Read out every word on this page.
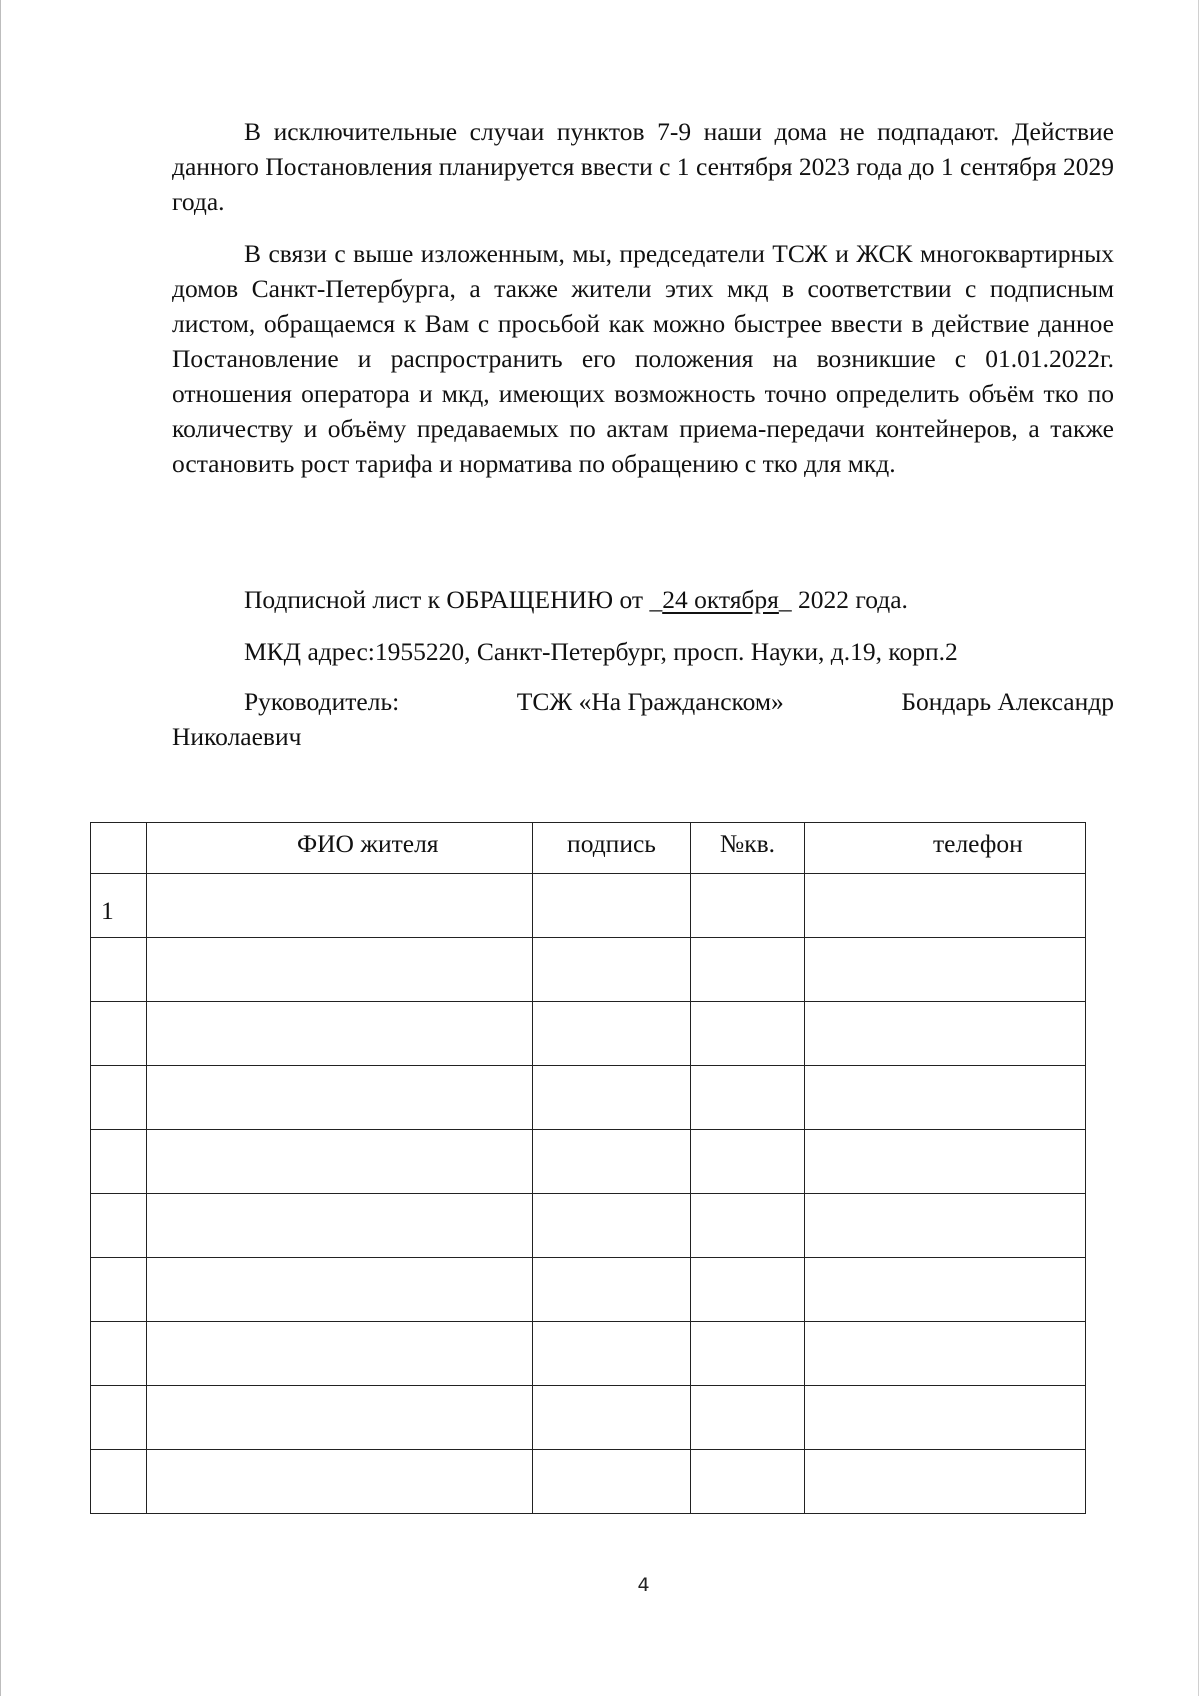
В исключительные случаи пунктов 7-9 наши дома не подпадают. Действие данного Постановления планируется ввести с 1 сентября 2023 года до 1 сентября 2029 года.

В связи с выше изложенным, мы, председатели ТСЖ и ЖСК многоквартирных домов Санкт-Петербурга, а также жители этих мкд в соответствии с подписным листом, обращаемся к Вам с просьбой как можно быстрее ввести в действие данное Постановление и распространить его положения на возникшие с 01.01.2022г. отношения оператора и мкд, имеющих возможность точно определить объём тко по количеству и объёму предаваемых по актам приема-передачи контейнеров, а также остановить рост тарифа и норматива по обращению с тко для мкд.

Подписной лист к ОБРАЩЕНИЮ от _24 октября_ 2022 года.

МКД адрес:1955220, Санкт-Петербург, просп. Науки, д.19, корп.2

Руководитель:	ТСЖ «На Гражданском»	Бондарь Александр
Николаевич
	ФИО жителя	подпись	№кв.	телефон
1				

4
